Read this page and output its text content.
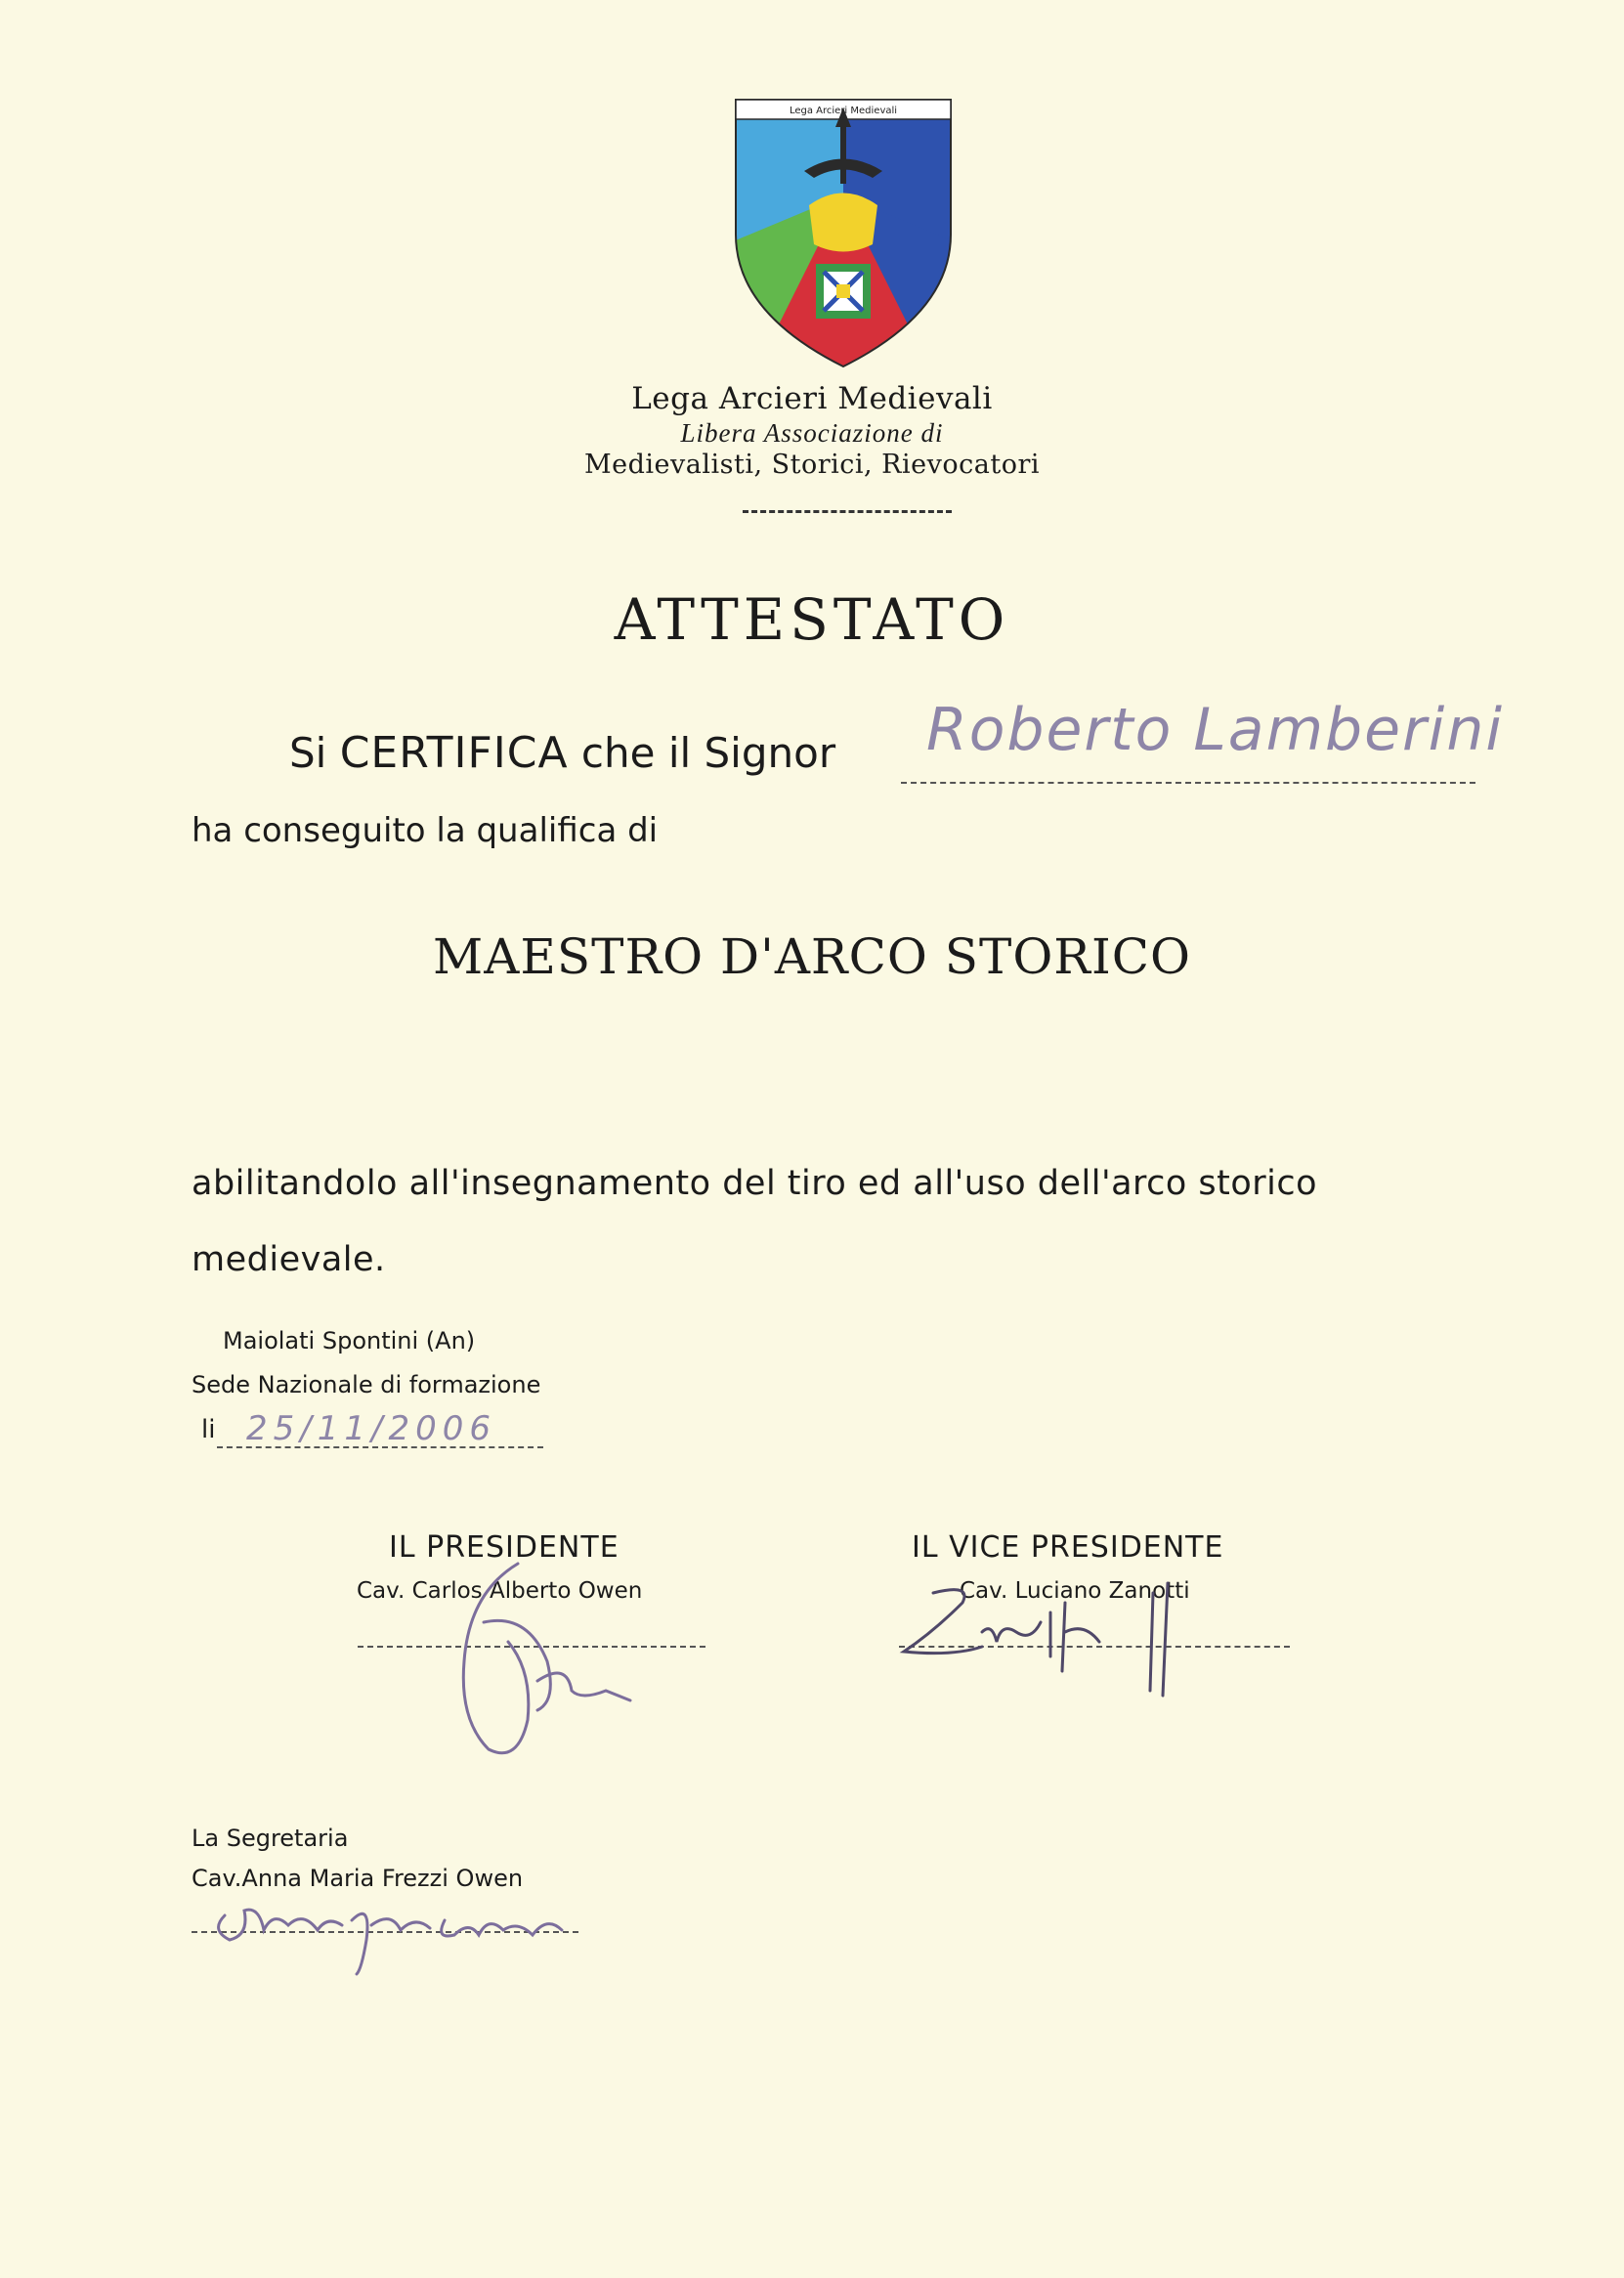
Lega Arcieri Medievali
Lega Arcieri Medievali
Libera Associazione di
Medievalisti, Storici, Rievocatori
ATTESTATO
Si CERTIFICA che il Signor Roberto Lamberini
ha conseguito la qualifica di
MAESTRO D'ARCO STORICO
abilitandolo all'insegnamento del tiro ed all'uso dell'arco storico medievale.
Maiolati Spontini (An)
Sede Nazionale di formazione
li 25/11/2006
IL PRESIDENTE
Cav. Carlos Alberto Owen
IL VICE PRESIDENTE
Cav. Luciano Zanotti
La Segretaria
Cav.Anna Maria Frezzi Owen
